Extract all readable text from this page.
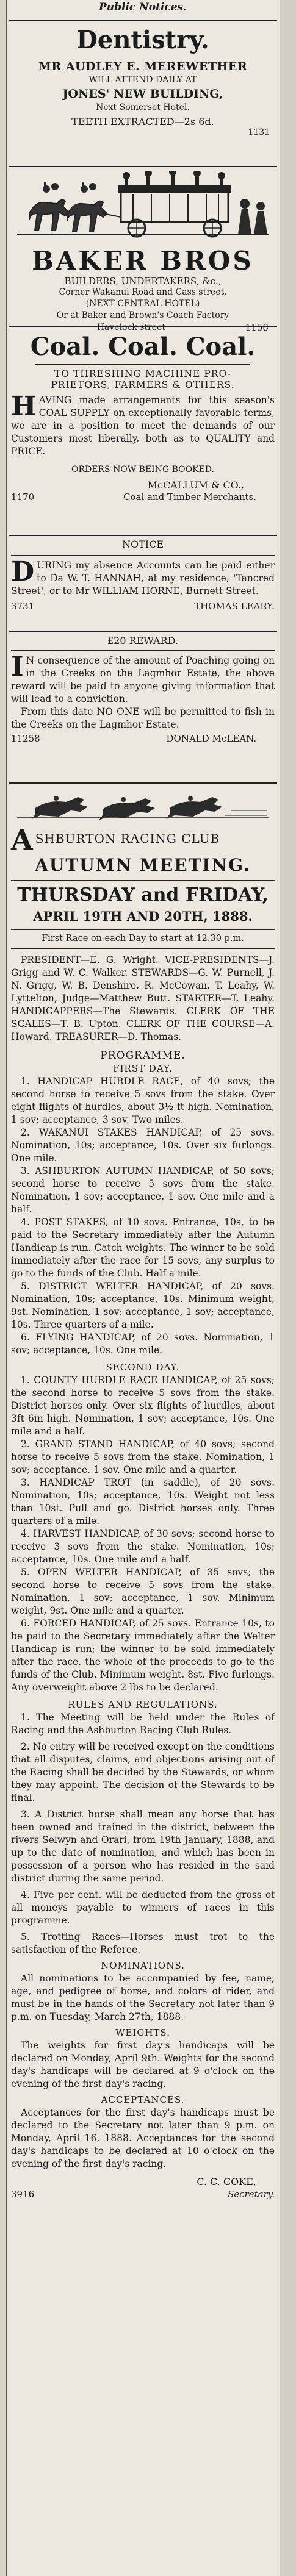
Public Notices.

Dentistry.

MR AUDLEY E. MEREWETHER

WILL ATTEND DAILY AT

JONES' NEW BUILDING,

Next Somerset Hotel.

TEETH EXTRACTED—2s 6d.

1131

BAKER BROS

BUILDERS, UNDERTAKERS, &c.,

Corner Wakanui Road and Cass street,

(NEXT CENTRAL HOTEL)

Or at Baker and Brown's Coach Factory

Havelock street	1158

Coal. Coal. Coal.

TO THRESHING MACHINE PRO-

PRIETORS, FARMERS & OTHERS.

HAVING made arrangements for this season's COAL SUPPLY on exceptionally favorable terms, we are in a position to meet the demands of our Customers most liberally, both as to QUALITY and PRICE.

ORDERS NOW BEING BOOKED.

McCALLUM & CO.,

1170	Coal and Timber Merchants.

NOTICE

DURING my absence Accounts can be paid either to Da W. T. HANNAH, at my residence, 'Tancred Street', or to Mr WILLIAM HORNE, Burnett Street.

3731	THOMAS LEARY.

£20 REWARD.

I N consequence of the amount of Poaching going on in the Creeks on the Lagmhor Estate, the above reward will be paid to anyone giving information that will lead to a conviction.

From this date NO ONE will be permitted to fish in the Creeks on the Lagmhor Estate.

11258	DONALD McLEAN.
A SHBURTON RACING CLUB

AUTUMN MEETING.

THURSDAY and FRIDAY,

APRIL 19TH AND 20TH, 1888.

First Race on each Day to start at 12.30 p.m.

PRESIDENT—E. G. Wright. VICE-PRESIDENTS—J. Grigg and W. C. Walker. STEWARDS—G. W. Purnell, J. N. Grigg, W. B. Denshire, R. McCowan, T. Leahy, W. Lyttelton, Judge—Matthew Butt. STARTER—T. Leahy. HANDICAPPERS—The Stewards. CLERK OF THE SCALES—T. B. Upton. CLERK OF THE COURSE—A. Howard. TREASURER—D. Thomas.

PROGRAMME.

FIRST DAY.

1. HANDICAP HURDLE RACE, of 40 sovs; the second horse to receive 5 sovs from the stake. Over eight flights of hurdles, about 3½ ft high. Nomination, 1 sov; acceptance, 3 sov. Two miles.

2. WAKANUI STAKES HANDICAP, of 25 sovs. Nomination, 10s; acceptance, 10s. Over six furlongs. One mile.

3. ASHBURTON AUTUMN HANDICAP, of 50 sovs; second horse to receive 5 sovs from the stake. Nomination, 1 sov; acceptance, 1 sov. One mile and a half.

4. POST STAKES, of 10 sovs. Entrance, 10s, to be paid to the Secretary immediately after the Autumn Handicap is run. Catch weights. The winner to be sold immediately after the race for 15 sovs, any surplus to go to the funds of the Club. Half a mile.

5. DISTRICT WELTER HANDICAP, of 20 sovs. Nomination, 10s; acceptance, 10s. Minimum weight, 9st. Nomination, 1 sov; acceptance, 1 sov; acceptance, 10s. Three quarters of a mile.

6. FLYING HANDICAP, of 20 sovs. Nomination, 1 sov; acceptance, 10s. One mile.

SECOND DAY.

1. COUNTY HURDLE RACE HANDICAP, of 25 sovs; the second horse to receive 5 sovs from the stake. District horses only. Over six flights of hurdles, about 3ft 6in high. Nomination, 1 sov; acceptance, 10s. One mile and a half.

2. GRAND STAND HANDICAP, of 40 sovs; second horse to receive 5 sovs from the stake. Nomination, 1 sov; acceptance, 1 sov. One mile and a quarter.

3. HANDICAP TROT (in saddle), of 20 sovs. Nomination, 10s; acceptance, 10s. Weight not less than 10st. Pull and go. District horses only. Three quarters of a mile.

4. HARVEST HANDICAP, of 30 sovs; second horse to receive 3 sovs from the stake. Nomination, 10s; acceptance, 10s. One mile and a half.

5. OPEN WELTER HANDICAP, of 35 sovs; the second horse to receive 5 sovs from the stake. Nomination, 1 sov; acceptance, 1 sov. Minimum weight, 9st. One mile and a quarter.

6. FORCED HANDICAP, of 25 sovs. Entrance 10s, to be paid to the Secretary immediately after the Welter Handicap is run; the winner to be sold immediately after the race, the whole of the proceeds to go to the funds of the Club. Minimum weight, 8st. Five furlongs. Any overweight above 2 lbs to be declared.

RULES AND REGULATIONS.

1. The Meeting will be held under the Rules of Racing and the Ashburton Racing Club Rules.

2. No entry will be received except on the conditions that all disputes, claims, and objections arising out of the Racing shall be decided by the Stewards, or whom they may appoint. The decision of the Stewards to be final.

3. A District horse shall mean any horse that has been owned and trained in the district, between the rivers Selwyn and Orari, from 19th January, 1888, and up to the date of nomination, and which has been in possession of a person who has resided in the said district during the same period.

4. Five per cent. will be deducted from the gross of all moneys payable to winners of races in this programme.

5. Trotting Races—Horses must trot to the satisfaction of the Referee.

NOMINATIONS.

All nominations to be accompanied by fee, name, age, and pedigree of horse, and colors of rider, and must be in the hands of the Secretary not later than 9 p.m. on Tuesday, March 27th, 1888.

WEIGHTS.

The weights for first day's handicaps will be declared on Monday, April 9th. Weights for the second day's handicaps will be declared at 9 o'clock on the evening of the first day's racing.

ACCEPTANCES.

Acceptances for the first day's handicaps must be declared to the Secretary not later than 9 p.m. on Monday, April 16, 1888. Acceptances for the second day's handicaps to be declared at 10 o'clock on the evening of the first day's racing.

C. C. COKE,
3916	Secretary.
